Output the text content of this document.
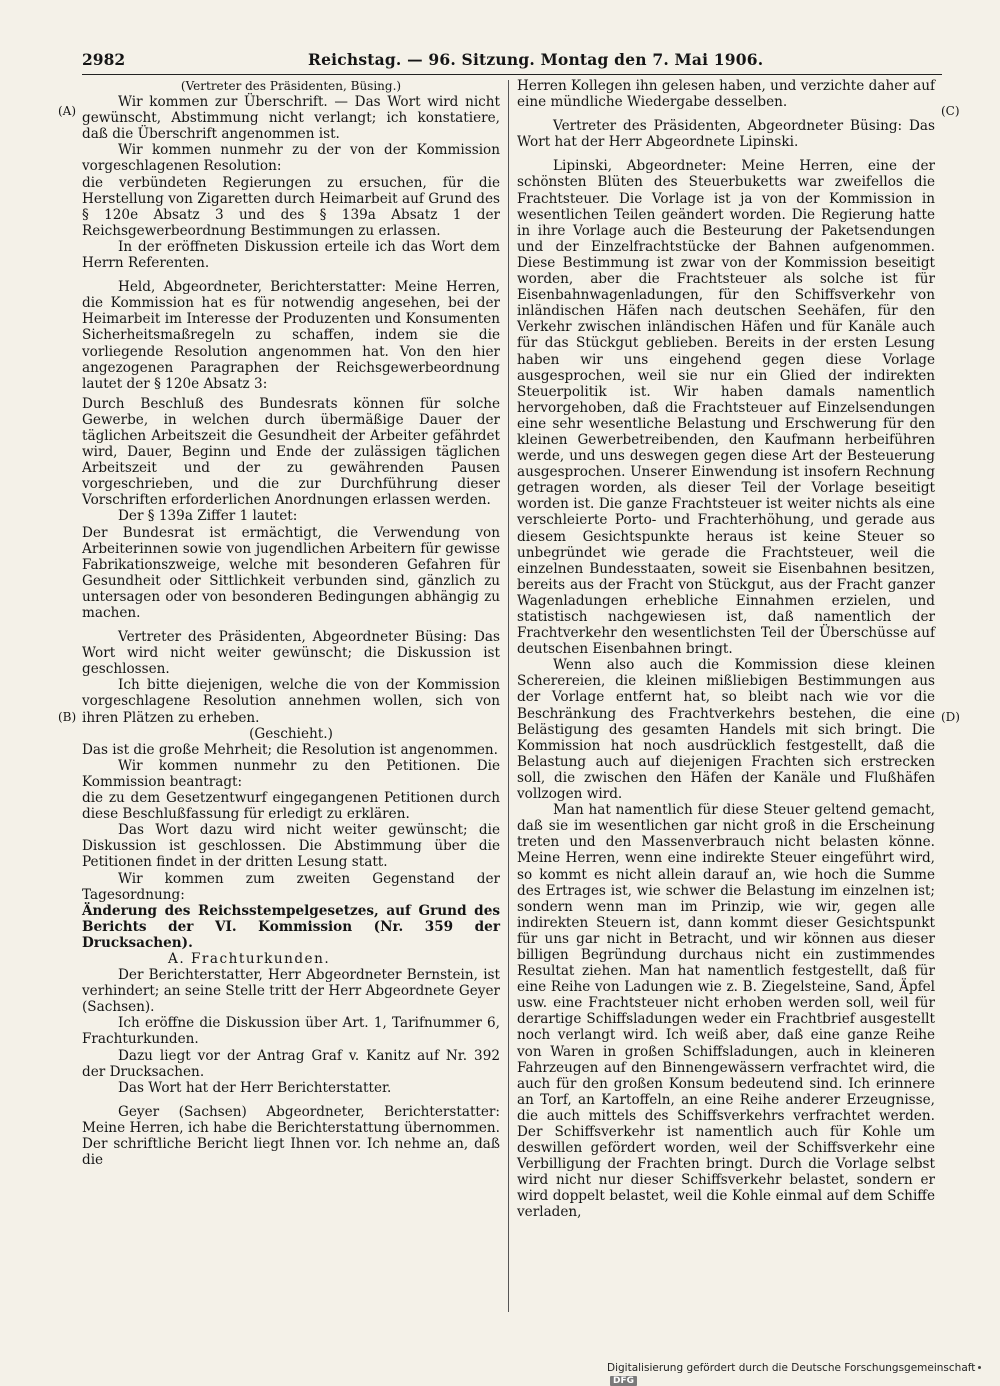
2982	Reichstag. — 96. Sitzung. Montag den 7. Mai 1906.
(A)
(B)
(C)
(D)

(Vertreter des Präsidenten, Büsing.)

Wir kommen zur Überschrift. — Das Wort wird nicht gewünscht, Abstimmung nicht verlangt; ich konstatiere, daß die Überschrift angenommen ist.

Wir kommen nunmehr zu der von der Kommission vorgeschlagenen Resolution:

die verbündeten Regierungen zu ersuchen, für die Herstellung von Zigaretten durch Heimarbeit auf Grund des § 120e Absatz 3 und des § 139a Absatz 1 der Reichsgewerbeordnung Bestimmungen zu erlassen.

In der eröffneten Diskussion erteile ich das Wort dem Herrn Referenten.

Held, Abgeordneter, Berichterstatter: Meine Herren, die Kommission hat es für notwendig angesehen, bei der Heimarbeit im Interesse der Produzenten und Konsumenten Sicherheitsmaßregeln zu schaffen, indem sie die vorliegende Resolution angenommen hat. Von den hier angezogenen Paragraphen der Reichsgewerbeordnung lautet der § 120e Absatz 3:

Durch Beschluß des Bundesrats können für solche Gewerbe, in welchen durch übermäßige Dauer der täglichen Arbeitszeit die Gesundheit der Arbeiter gefährdet wird, Dauer, Beginn und Ende der zulässigen täglichen Arbeitszeit und der zu gewährenden Pausen vorgeschrieben, und die zur Durchführung dieser Vorschriften erforderlichen Anordnungen erlassen werden.

Der § 139a Ziffer 1 lautet:

Der Bundesrat ist ermächtigt, die Verwendung von Arbeiterinnen sowie von jugendlichen Arbeitern für gewisse Fabrikationszweige, welche mit besonderen Gefahren für Gesundheit oder Sittlichkeit verbunden sind, gänzlich zu untersagen oder von besonderen Bedingungen abhängig zu machen.

Vertreter des Präsidenten, Abgeordneter Büsing: Das Wort wird nicht weiter gewünscht; die Diskussion ist geschlossen.

Ich bitte diejenigen, welche die von der Kommission vorgeschlagene Resolution annehmen wollen, sich von ihren Plätzen zu erheben.

(Geschieht.)

Das ist die große Mehrheit; die Resolution ist angenommen.

Wir kommen nunmehr zu den Petitionen. Die Kommission beantragt:

die zu dem Gesetzentwurf eingegangenen Petitionen durch diese Beschlußfassung für erledigt zu erklären.

Das Wort dazu wird nicht weiter gewünscht; die Diskussion ist geschlossen. Die Abstimmung über die Petitionen findet in der dritten Lesung statt.

Wir kommen zum zweiten Gegenstand der Tagesordnung:

Änderung des Reichsstempelgesetzes, auf Grund des Berichts der VI. Kommission (Nr. 359 der Drucksachen).

A. Frachturkunden.

Der Berichterstatter, Herr Abgeordneter Bernstein, ist verhindert; an seine Stelle tritt der Herr Abgeordnete Geyer (Sachsen).

Ich eröffne die Diskussion über Art. 1, Tarifnummer 6, Frachturkunden.

Dazu liegt vor der Antrag Graf v. Kanitz auf Nr. 392 der Drucksachen.

Das Wort hat der Herr Berichterstatter.

Geyer (Sachsen) Abgeordneter, Berichterstatter: Meine Herren, ich habe die Berichterstattung übernommen. Der schriftliche Bericht liegt Ihnen vor. Ich nehme an, daß die

Herren Kollegen ihn gelesen haben, und verzichte daher auf eine mündliche Wiedergabe desselben.

Vertreter des Präsidenten, Abgeordneter Büsing: Das Wort hat der Herr Abgeordnete Lipinski.

Lipinski, Abgeordneter: Meine Herren, eine der schönsten Blüten des Steuerbuketts war zweifellos die Frachtsteuer. Die Vorlage ist ja von der Kommission in wesentlichen Teilen geändert worden. Die Regierung hatte in ihre Vorlage auch die Besteurung der Paketsendungen und der Einzelfrachtstücke der Bahnen aufgenommen. Diese Bestimmung ist zwar von der Kommission beseitigt worden, aber die Frachtsteuer als solche ist für Eisenbahnwagenladungen, für den Schiffsverkehr von inländischen Häfen nach deutschen Seehäfen, für den Verkehr zwischen inländischen Häfen und für Kanäle auch für das Stückgut geblieben. Bereits in der ersten Lesung haben wir uns eingehend gegen diese Vorlage ausgesprochen, weil sie nur ein Glied der indirekten Steuerpolitik ist. Wir haben damals namentlich hervorgehoben, daß die Frachtsteuer auf Einzelsendungen eine sehr wesentliche Belastung und Erschwerung für den kleinen Gewerbetreibenden, den Kaufmann herbeiführen werde, und uns deswegen gegen diese Art der Besteuerung ausgesprochen. Unserer Einwendung ist insofern Rechnung getragen worden, als dieser Teil der Vorlage beseitigt worden ist. Die ganze Frachtsteuer ist weiter nichts als eine verschleierte Porto- und Frachterhöhung, und gerade aus diesem Gesichtspunkte heraus ist keine Steuer so unbegründet wie gerade die Frachtsteuer, weil die einzelnen Bundesstaaten, soweit sie Eisenbahnen besitzen, bereits aus der Fracht von Stückgut, aus der Fracht ganzer Wagenladungen erhebliche Einnahmen erzielen, und statistisch nachgewiesen ist, daß namentlich der Frachtverkehr den wesentlichsten Teil der Überschüsse auf deutschen Eisenbahnen bringt.

Wenn also auch die Kommission diese kleinen Scherereien, die kleinen mißliebigen Bestimmungen aus der Vorlage entfernt hat, so bleibt nach wie vor die Beschränkung des Frachtverkehrs bestehen, die eine Belästigung des gesamten Handels mit sich bringt. Die Kommission hat noch ausdrücklich festgestellt, daß die Belastung auch auf diejenigen Frachten sich erstrecken soll, die zwischen den Häfen der Kanäle und Flußhäfen vollzogen wird.

Man hat namentlich für diese Steuer geltend gemacht, daß sie im wesentlichen gar nicht groß in die Erscheinung treten und den Massenverbrauch nicht belasten könne. Meine Herren, wenn eine indirekte Steuer eingeführt wird, so kommt es nicht allein darauf an, wie hoch die Summe des Ertrages ist, wie schwer die Belastung im einzelnen ist; sondern wenn man im Prinzip, wie wir, gegen alle indirekten Steuern ist, dann kommt dieser Gesichtspunkt für uns gar nicht in Betracht, und wir können aus dieser billigen Begründung durchaus nicht ein zustimmendes Resultat ziehen. Man hat namentlich festgestellt, daß für eine Reihe von Ladungen wie z. B. Ziegelsteine, Sand, Äpfel usw. eine Frachtsteuer nicht erhoben werden soll, weil für derartige Schiffsladungen weder ein Frachtbrief ausgestellt noch verlangt wird. Ich weiß aber, daß eine ganze Reihe von Waren in großen Schiffsladungen, auch in kleineren Fahrzeugen auf den Binnengewässern verfrachtet wird, die auch für den großen Konsum bedeutend sind. Ich erinnere an Torf, an Kartoffeln, an eine Reihe anderer Erzeugnisse, die auch mittels des Schiffsverkehrs verfrachtet werden. Der Schiffsverkehr ist namentlich auch für Kohle um deswillen gefördert worden, weil der Schiffsverkehr eine Verbilligung der Frachten bringt. Durch die Vorlage selbst wird nicht nur dieser Schiffsverkehr belastet, sondern er wird doppelt belastet, weil die Kohle einmal auf dem Schiffe verladen,

Digitalisierung gefördert durch die Deutsche ForschungsgemeinschaftDFG
